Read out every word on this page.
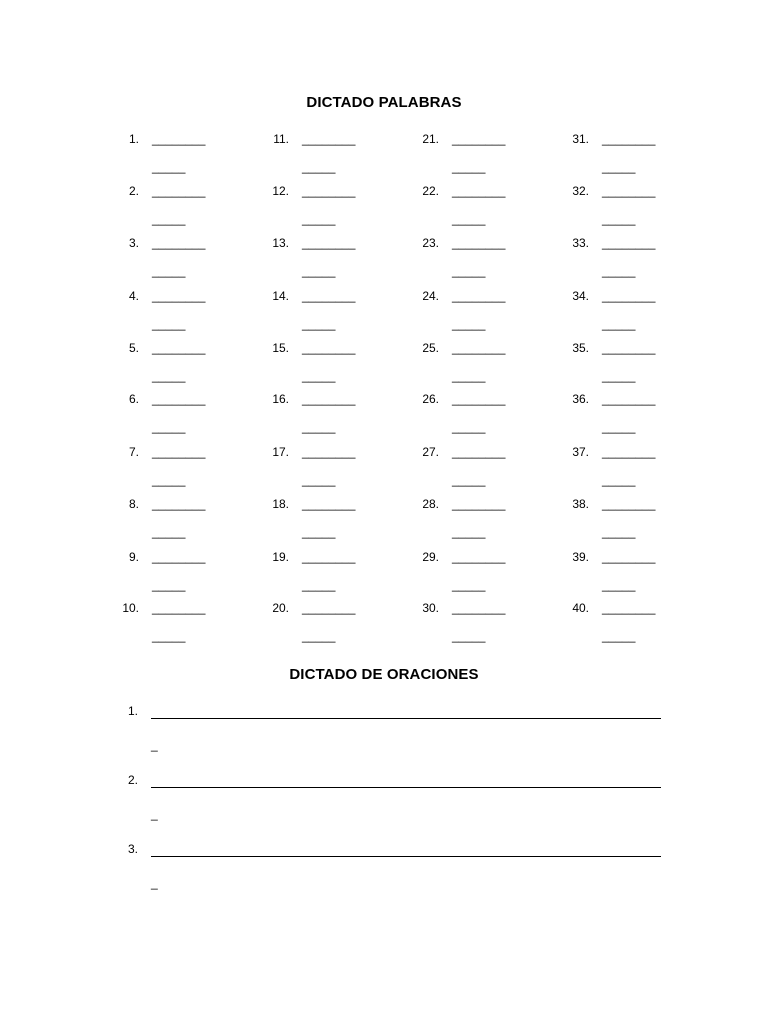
DICTADO PALABRAS
1. ________
_____
2. ________
_____
3. ________
_____
4. ________
_____
5. ________
_____
6. ________
_____
7. ________
_____
8. ________
_____
9. ________
_____
10. ________
_____
11. ________
_____
12. ________
_____
13. ________
_____
14. ________
_____
15. ________
_____
16. ________
_____
17. ________
_____
18. ________
_____
19. ________
_____
20. ________
_____
21. ________
_____
22. ________
_____
23. ________
_____
24. ________
_____
25. ________
_____
26. ________
_____
27. ________
_____
28. ________
_____
29. ________
_____
30. ________
_____
31. ________
_____
32. ________
_____
33. ________
_____
34. ________
_____
35. ________
_____
36. ________
_____
37. ________
_____
38. ________
_____
39. ________
_____
40. ________
_____
DICTADO DE ORACIONES
1.
_
2.
_
3.
_
